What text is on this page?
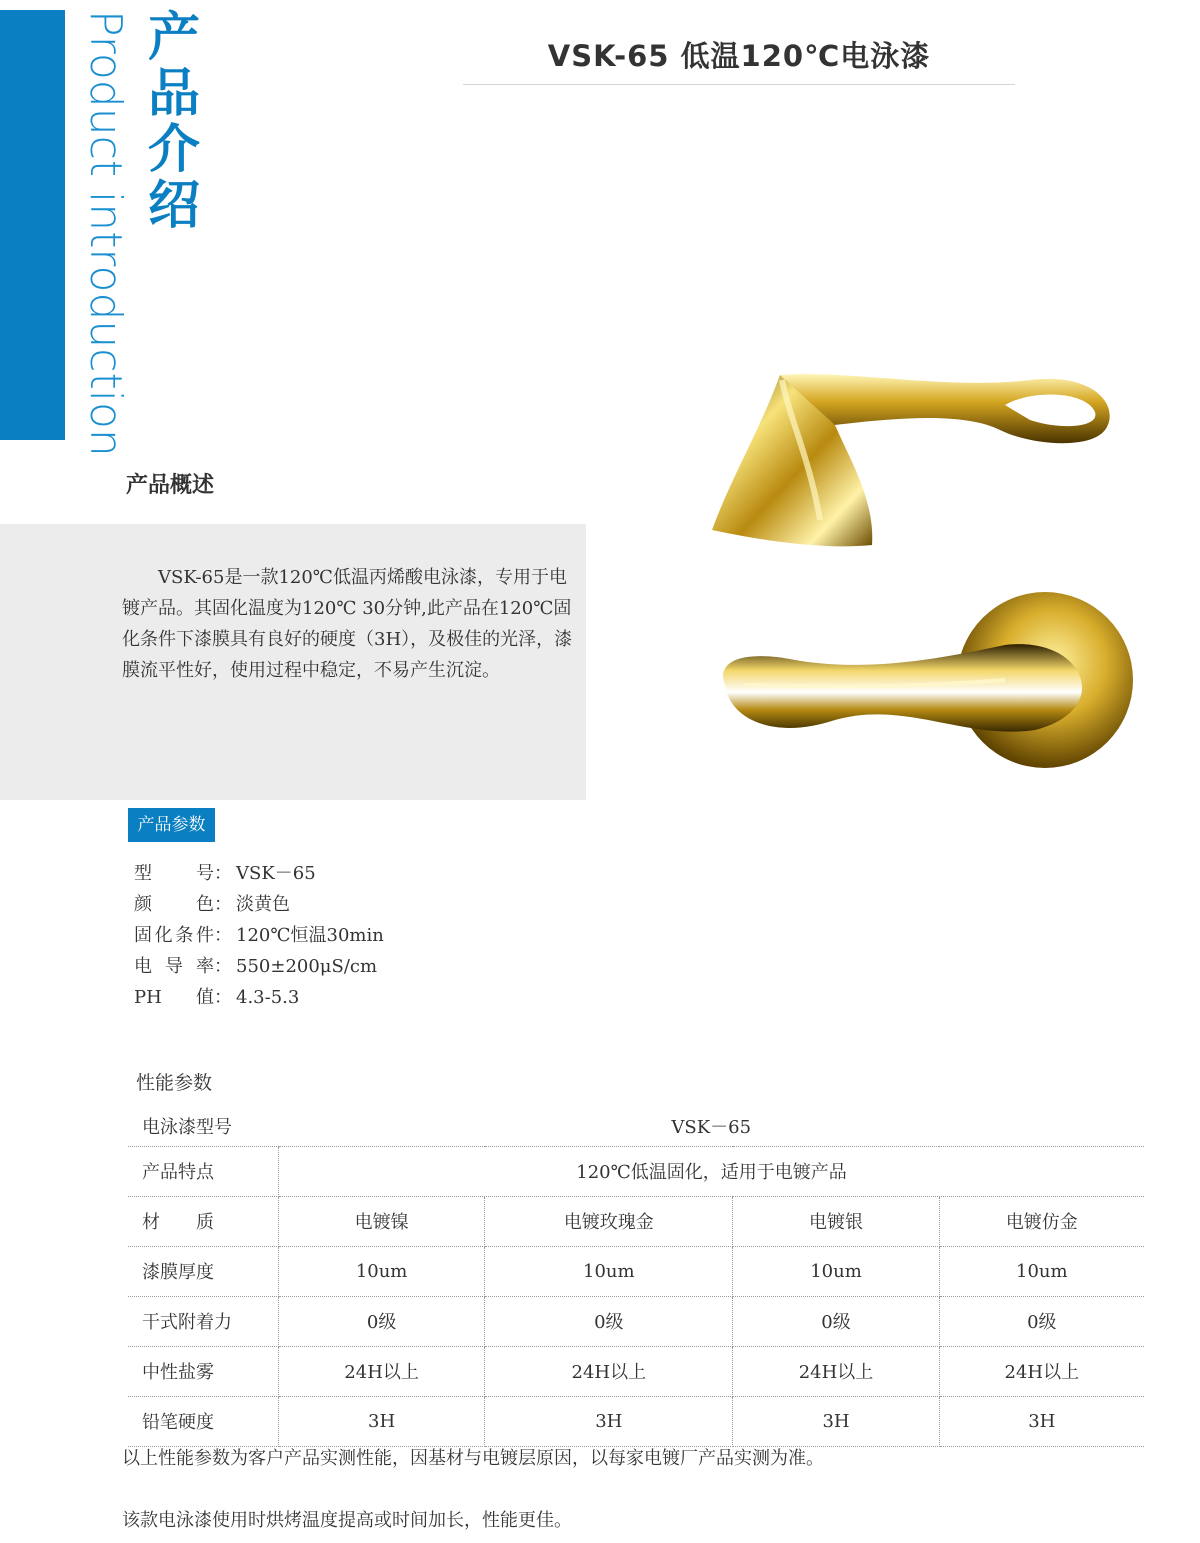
Product introduction 产
品
介
绍
VSK-65 低温120℃电泳漆
产品概述
VSK-65是一款120℃低温丙烯酸电泳漆，专用于电镀产品。其固化温度为120℃ 30分钟,此产品在120℃固化条件下漆膜具有良好的硬度（3H），及极佳的光泽，漆膜流平性好，使用过程中稳定，不易产生沉淀。
产品参数
型号： VSK－65
颜色： 淡黄色
固化条件： 120℃恒温30min
电导率： 550±200μS/cm
PH值： 4.3-5.3
性能参数
电泳漆型号	VSK－65			
产品特点	120℃低温固化，适用于电镀产品			
材　　质	电镀镍	电镀玫瑰金	电镀银	电镀仿金
漆膜厚度	10um	10um	10um	10um
干式附着力	0级	0级	0级	0级
中性盐雾	24H以上	24H以上	24H以上	24H以上
铅笔硬度	3H	3H	3H	3H
以上性能参数为客户产品实测性能，因基材与电镀层原因，以每家电镀厂产品实测为准。
该款电泳漆使用时烘烤温度提高或时间加长，性能更佳。
